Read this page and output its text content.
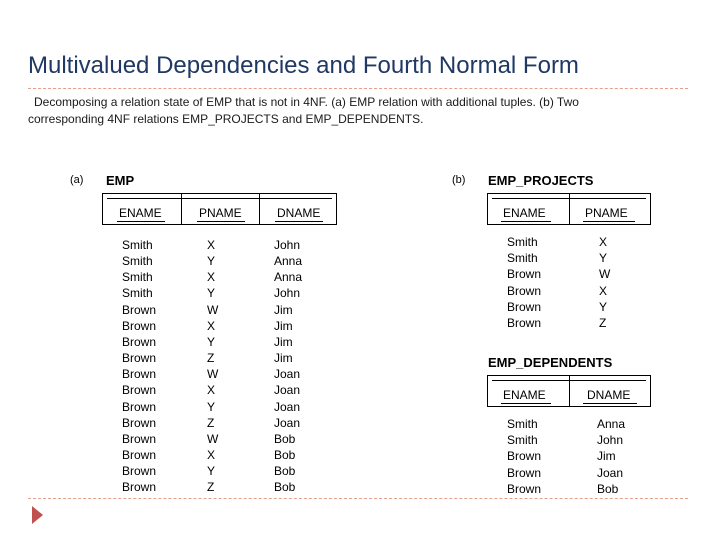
Multivalued Dependencies and Fourth Normal Form
Decomposing a relation state of EMP that is not in 4NF. (a) EMP relation with additional tuples. (b) Two
corresponding 4NF relations EMP_PROJECTS and EMP_DEPENDENTS.
(a) EMP
ENAME	PNAME	DNAME
Smith	X	John
Smith	Y	Anna
Smith	X	Anna
Smith	Y	John
Brown	W	Jim
Brown	X	Jim
Brown	Y	Jim
Brown	Z	Jim
Brown	W	Joan
Brown	X	Joan
Brown	Y	Joan
Brown	Z	Joan
Brown	W	Bob
Brown	X	Bob
Brown	Y	Bob
Brown	Z	Bob
(b) EMP_PROJECTS
ENAME	PNAME
Smith	X
Smith	Y
Brown	W
Brown	X
Brown	Y
Brown	Z
EMP_DEPENDENTS
ENAME	DNAME
Smith	Anna
Smith	John
Brown	Jim
Brown	Joan
Brown	Bob
